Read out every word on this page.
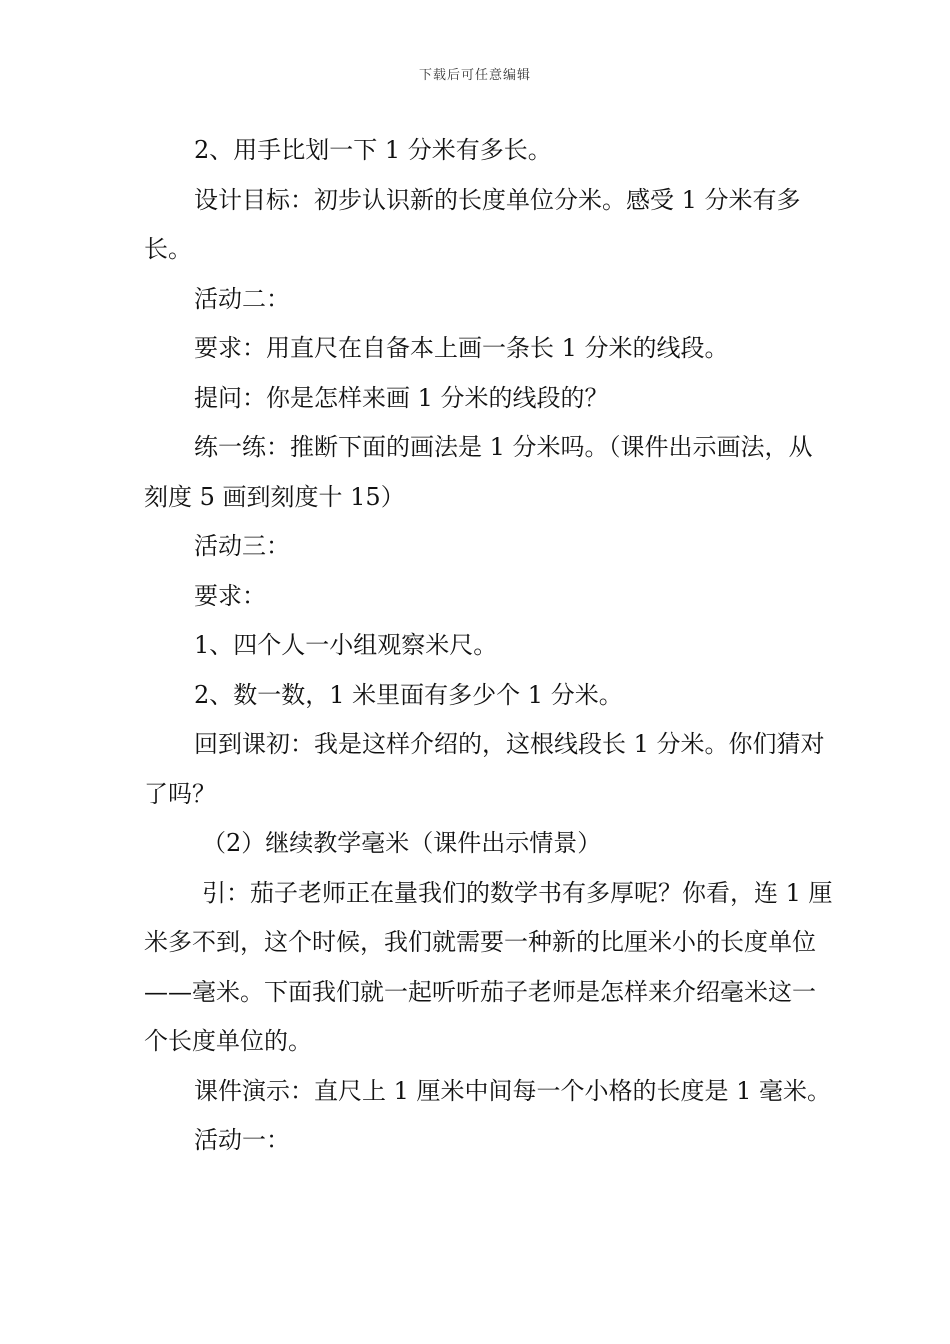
下载后可任意编辑

2、用手比划一下 1 分米有多长。

设计目标：初步认识新的长度单位分米。感受 1 分米有多长。

活动二：

要求：用直尺在自备本上画一条长 1 分米的线段。

提问：你是怎样来画 1 分米的线段的？

练一练：推断下面的画法是 1 分米吗。（课件出示画法，从刻度 5 画到刻度十 15）

活动三：

要求：

1、四个人一小组观察米尺。

2、数一数，1 米里面有多少个 1 分米。

回到课初：我是这样介绍的，这根线段长 1 分米。你们猜对了吗？

（2）继续教学毫米（课件出示情景）

引：茄子老师正在量我们的数学书有多厚呢？你看，连 1 厘米多不到，这个时候，我们就需要一种新的比厘米小的长度单位——毫米。下面我们就一起听听茄子老师是怎样来介绍毫米这一个长度单位的。

课件演示：直尺上 1 厘米中间每一个小格的长度是 1 毫米。

活动一：
